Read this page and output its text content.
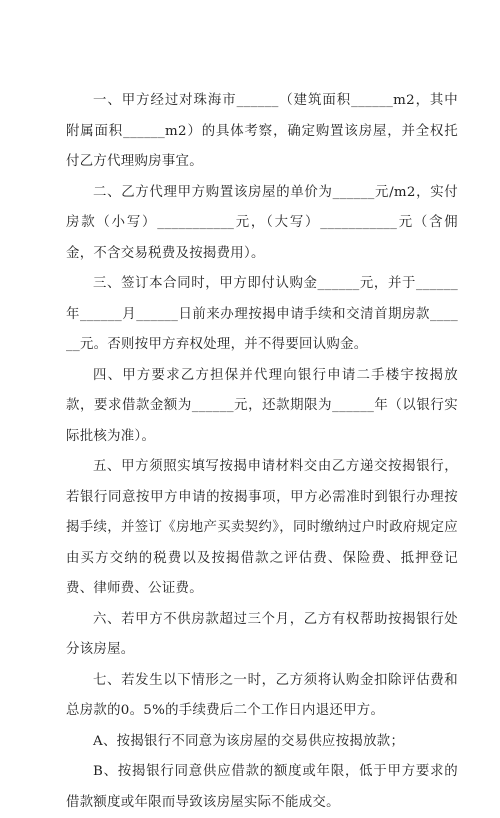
一、甲方经过对珠海市______（建筑面积______m2，其中附属面积______m2）的具体考察，确定购置该房屋，并全权托付乙方代理购房事宜。

二、乙方代理甲方购置该房屋的单价为______元/m2，实付房款（小写）___________元，（大写）___________元（含佣金，不含交易税费及按揭费用）。

三、签订本合同时，甲方即付认购金______元，并于______年______月______日前来办理按揭申请手续和交清首期房款______元。否则按甲方弃权处理，并不得要回认购金。

四、甲方要求乙方担保并代理向银行申请二手楼宇按揭放款，要求借款金额为______元，还款期限为______年（以银行实际批核为准）。

五、甲方须照实填写按揭申请材料交由乙方递交按揭银行，若银行同意按甲方申请的按揭事项，甲方必需准时到银行办理按揭手续，并签订《房地产买卖契约》，同时缴纳过户时政府规定应由买方交纳的税费以及按揭借款之评估费、保险费、抵押登记费、律师费、公证费。

六、若甲方不供房款超过三个月，乙方有权帮助按揭银行处分该房屋。

七、若发生以下情形之一时，乙方须将认购金扣除评估费和总房款的0。5%的手续费后二个工作日内退还甲方。

A、按揭银行不同意为该房屋的交易供应按揭放款；

B、按揭银行同意供应借款的额度或年限，低于甲方要求的借款额度或年限而导致该房屋实际不能成交。
